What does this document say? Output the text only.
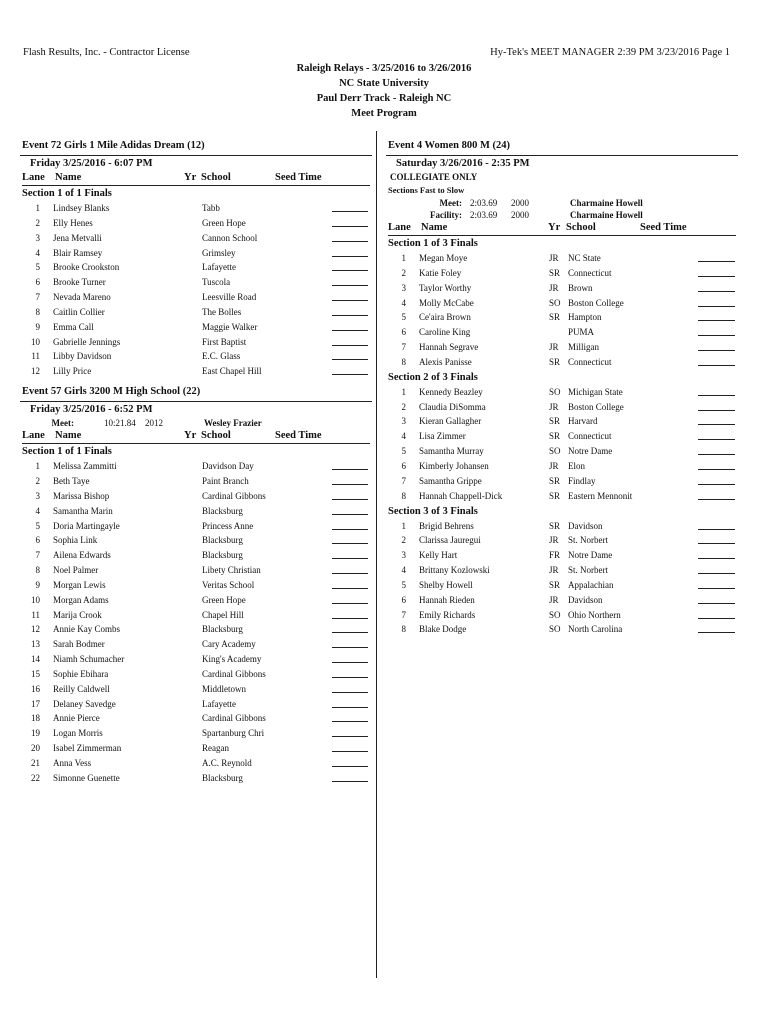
Flash Results, Inc. - Contractor License	Hy-Tek's MEET MANAGER 2:39 PM 3/23/2016 Page 1
Raleigh Relays - 3/25/2016 to 3/26/2016
NC State University
Paul Derr Track - Raleigh NC
Meet Program
Event 72 Girls 1 Mile Adidas Dream (12)
Friday 3/25/2016 - 6:07 PM
Lane Name	Yr School	Seed Time
Section 1 of 1 Finals
1 Lindsey Blanks	Tabb
2 Elly Henes	Green Hope
3 Jena Metvalli	Cannon School
4 Blair Ramsey	Grimsley
5 Brooke Crookston	Lafayette
6 Brooke Turner	Tuscola
7 Nevada Mareno	Leesville Road
8 Caitlin Collier	The Bolles
9 Emma Call	Maggie Walker
10 Gabrielle Jennings	First Baptist
11 Libby Davidson	E.C. Glass
12 Lilly Price	East Chapel Hill
Event 57 Girls 3200 M High School (22)
Friday 3/25/2016 - 6:52 PM
Meet:	10:21.84 2012	Wesley Frazier
Lane Name	Yr School	Seed Time
Section 1 of 1 Finals
1 Melissa Zammitti	Davidson Day
2 Beth Taye	Paint Branch
3 Marissa Bishop	Cardinal Gibbons
4 Samantha Marin	Blacksburg
5 Doria Martingayle	Princess Anne
6 Sophia Link	Blacksburg
7 Ailena Edwards	Blacksburg
8 Noel Palmer	Libety Christian
9 Morgan Lewis	Veritas School
10 Morgan Adams	Green Hope
11 Marija Crook	Chapel Hill
12 Annie Kay Combs	Blacksburg
13 Sarah Bodmer	Cary Academy
14 Niamh Schumacher	King's Academy
15 Sophie Ebihara	Cardinal Gibbons
16 Reilly Caldwell	Middletown
17 Delaney Savedge	Lafayette
18 Annie Pierce	Cardinal Gibbons
19 Logan Morris	Spartanburg Chri
20 Isabel Zimmerman	Reagan
21 Anna Vess	A.C. Reynold
22 Simonne Guenette	Blacksburg
Event 4 Women 800 M (24)
Saturday 3/26/2016 - 2:35 PM
COLLEGIATE ONLY
Sections Fast to Slow
Meet: 2:03.69 2000	Charmaine Howell
Facility: 2:03.69 2000	Charmaine Howell
Lane Name	Yr School	Seed Time
Section 1 of 3 Finals
1 Megan Moye	JR NC State
2 Katie Foley	SR Connecticut
3 Taylor Worthy	JR Brown
4 Molly McCabe	SO Boston College
5 Ce'aira Brown	SR Hampton
6 Caroline King	PUMA
7 Hannah Segrave	JR Milligan
8 Alexis Panisse	SR Connecticut
Section 2 of 3 Finals
1 Kennedy Beazley	SO Michigan State
2 Claudia DiSomma	JR Boston College
3 Kieran Gallagher	SR Harvard
4 Lisa Zimmer	SR Connecticut
5 Samantha Murray	SO Notre Dame
6 Kimberly Johansen	JR Elon
7 Samantha Grippe	SR Findlay
8 Hannah Chappell-Dick	SR Eastern Mennonit
Section 3 of 3 Finals
1 Brigid Behrens	SR Davidson
2 Clarissa Jauregui	JR St. Norbert
3 Kelly Hart	FR Notre Dame
4 Brittany Kozlowski	JR St. Norbert
5 Shelby Howell	SR Appalachian
6 Hannah Rieden	JR Davidson
7 Emily Richards	SO Ohio Northern
8 Blake Dodge	SO North Carolina
